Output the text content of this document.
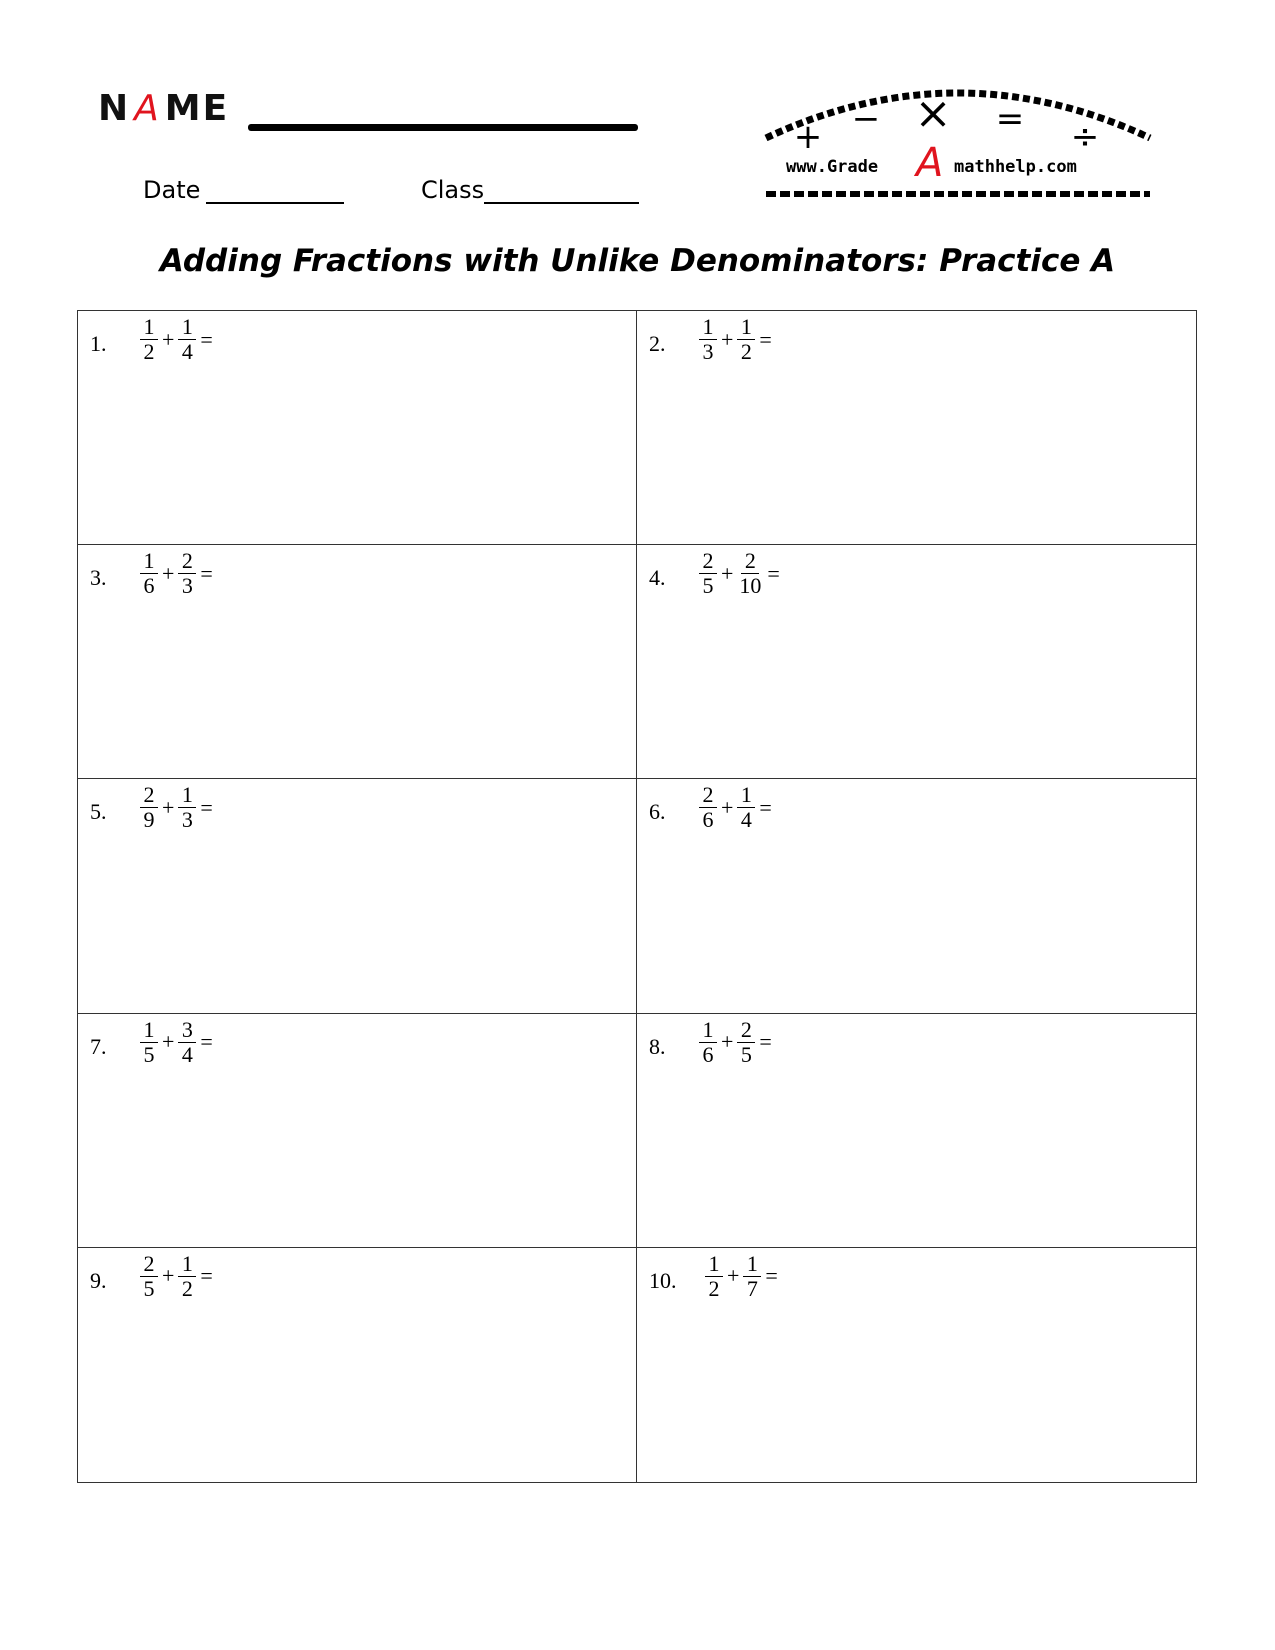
N A ME
Date	Class
+ − × = ÷
www.Grade A mathhelp.com
Adding Fractions with Unlike Denominators: Practice A
1. $\frac{1}{2} + \frac{1}{4}$ =	2. $\frac{1}{3} + \frac{1}{2}$ =
3. $\frac{1}{6} + \frac{2}{3}$ =	4. $\frac{2}{5} + \frac{2}{10}$ =
5. $\frac{2}{9} + \frac{1}{3}$ =	6. $\frac{2}{6} + \frac{1}{4}$ =
7. $\frac{1}{5} + \frac{3}{4}$ =	8. $\frac{1}{6} + \frac{2}{5}$ =
9. $\frac{2}{5} + \frac{1}{2}$ =	10. $\frac{1}{2} + \frac{1}{7}$ =
